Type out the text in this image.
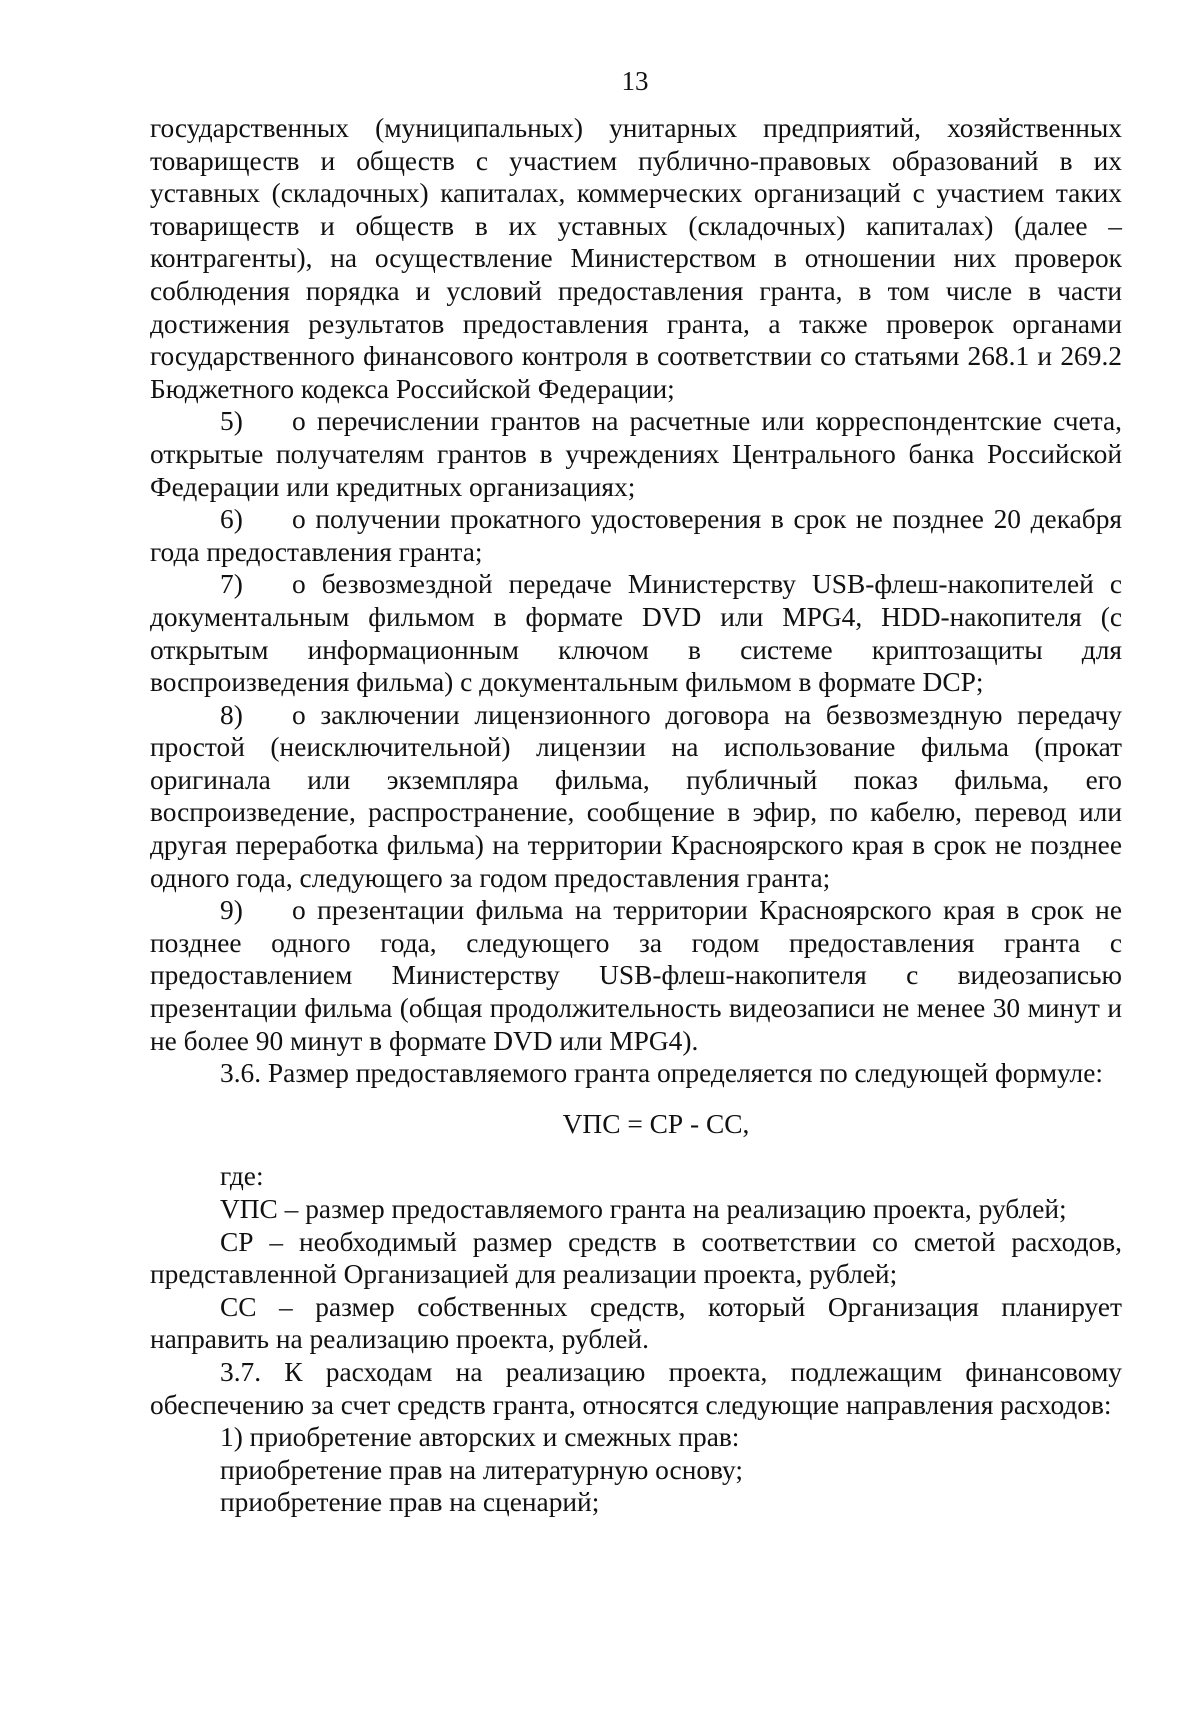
13

государственных (муниципальных) унитарных предприятий, хозяйственных товариществ и обществ с участием публично-правовых образований в их уставных (складочных) капиталах, коммерческих организаций с участием таких товариществ и обществ в их уставных (складочных) капиталах) (далее – контрагенты), на осуществление Министерством в отношении них проверок соблюдения порядка и условий предоставления гранта, в том числе в части достижения результатов предоставления гранта, а также проверок органами государственного финансового контроля в соответствии со статьями 268.1 и 269.2 Бюджетного кодекса Российской Федерации;

5) о перечислении грантов на расчетные или корреспондентские счета, открытые получателям грантов в учреждениях Центрального банка Российской Федерации или кредитных организациях;

6) о получении прокатного удостоверения в срок не позднее 20 декабря года предоставления гранта;

7) о безвозмездной передаче Министерству USB-флеш-накопителей с документальным фильмом в формате DVD или MPG4, HDD-накопителя (с открытым информационным ключом в системе криптозащиты для воспроизведения фильма) с документальным фильмом в формате DCP;

8) о заключении лицензионного договора на безвозмездную передачу простой (неисключительной) лицензии на использование фильма (прокат оригинала или экземпляра фильма, публичный показ фильма, его воспроизведение, распространение, сообщение в эфир, по кабелю, перевод или другая переработка фильма) на территории Красноярского края в срок не позднее одного года, следующего за годом предоставления гранта;

9) о презентации фильма на территории Красноярского края в срок не позднее одного года, следующего за годом предоставления гранта с предоставлением Министерству USB-флеш-накопителя с видеозаписью презентации фильма (общая продолжительность видеозаписи не менее 30 минут и не более 90 минут в формате DVD или MPG4).

3.6. Размер предоставляемого гранта определяется по следующей формуле:

VПС = СР - СС,

где:

VПС – размер предоставляемого гранта на реализацию проекта, рублей;

СР – необходимый размер средств в соответствии со сметой расходов, представленной Организацией для реализации проекта, рублей;

СС – размер собственных средств, который Организация планирует направить на реализацию проекта, рублей.

3.7. К расходам на реализацию проекта, подлежащим финансовому обеспечению за счет средств гранта, относятся следующие направления расходов:

1) приобретение авторских и смежных прав:

приобретение прав на литературную основу;

приобретение прав на сценарий;
